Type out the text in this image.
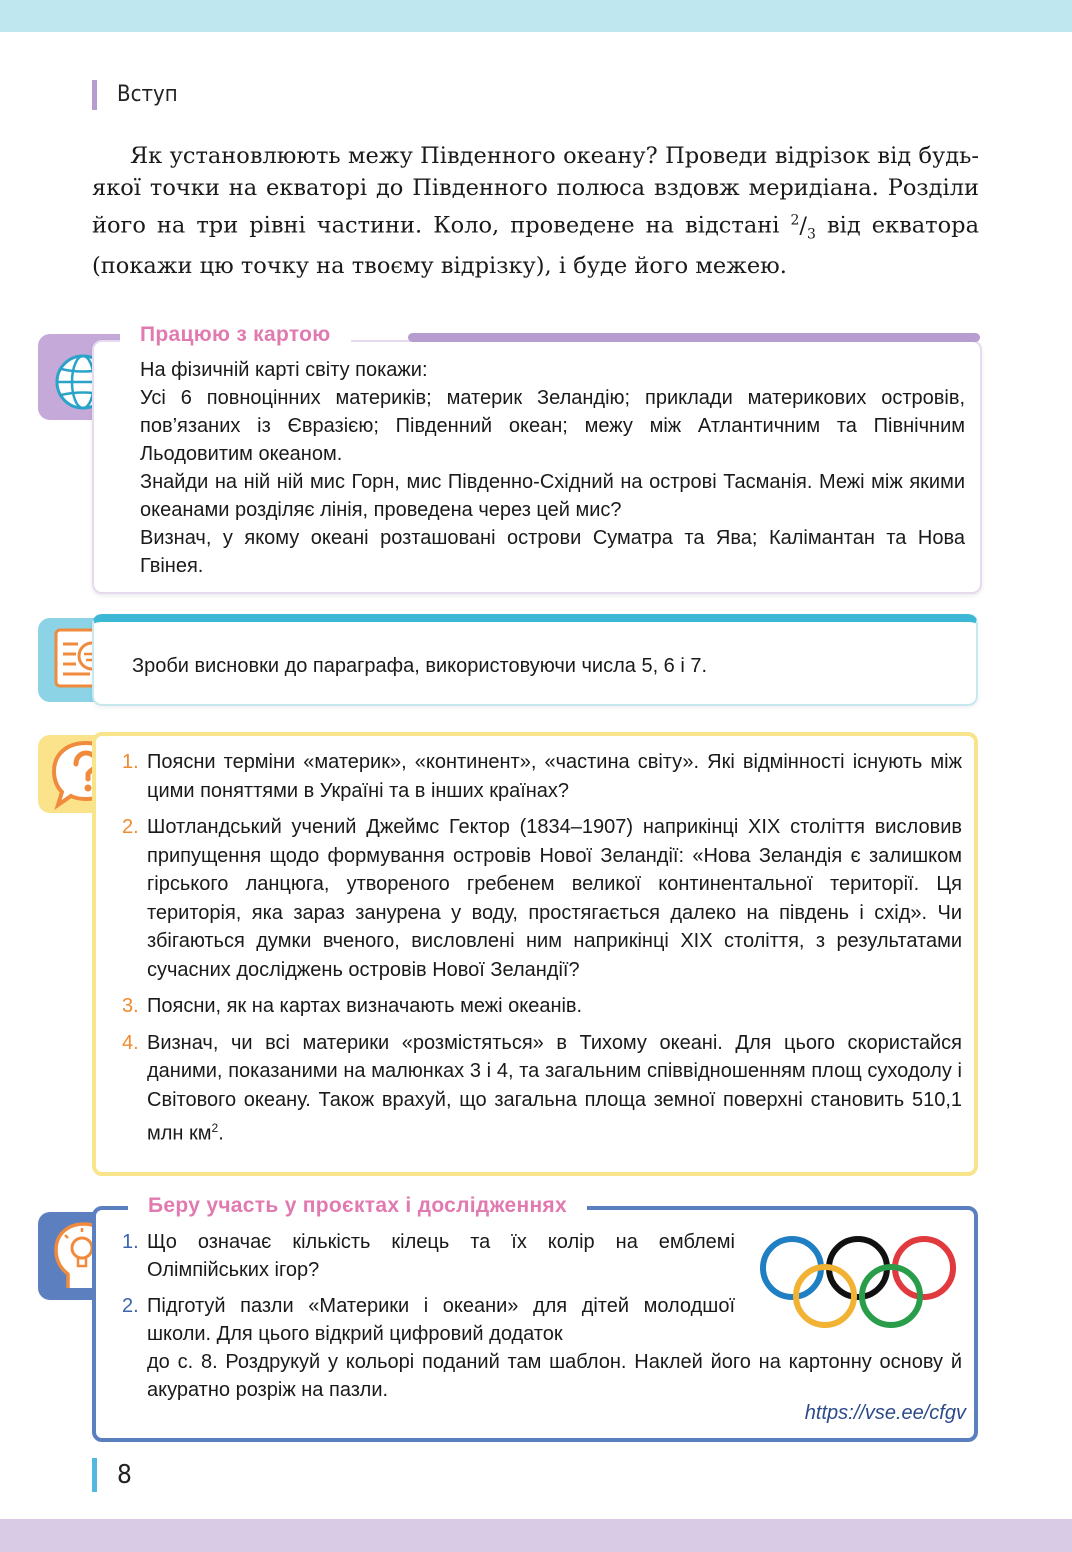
Вступ

Як установлюють межу Південного океану? Проведи відрізок від будь-якої точки на екваторі до Південного полюса вздовж меридіана. Розділи його на три рівні частини. Коло, проведене на відстані $^2/_3$ від екватора (покажи цю точку на твоєму відрізку), і буде його межею.

Працюю з картою

На фізичній карті світу покажи:

Усі 6 повноцінних материків; материк Зеландію; приклади материкових островів, пов’язаних із Євразією; Південний океан; межу між Атлантичним та Північним Льодовитим океаном.

Знайди на ній ній мис Горн, мис Південно-Східний на острові Тасманія. Межі між якими океанами розділяє лінія, проведена через цей мис?

Визнач, у якому океані розташовані острови Суматра та Ява; Калімантан та Нова Гвінея.

Зроби висновки до параграфа, використовуючи числа 5, 6 і 7.
1. Поясни терміни «материк», «континент», «частина світу». Які відмінності існують між цими поняттями в Україні та в інших країнах?
2. Шотландський учений Джеймс Гектор (1834–1907) наприкінці XIX століття висловив припущення щодо формування островів Нової Зеландії: «Нова Зеландія є залишком гірського ланцюга, утвореного гребенем великої континентальної території. Ця територія, яка зараз занурена у воду, простягається далеко на південь і схід». Чи збігаються думки вченого, висловлені ним наприкінці XIX століття, з результатами сучасних досліджень островів Нової Зеландії?
3. Поясни, як на картах визначають межі океанів.
4. Визнач, чи всі материки «розмістяться» в Тихому океані. Для цього скористайся даними, показаними на малюнках 3 і 4, та загальним співвідношенням площ суходолу і Світового океану. Також врахуй, що загальна площа земної поверхні становить 510,1 млн $км^2$.
Беру участь у проєктах і дослідженнях
1. Що означає кількість кілець та їх колір на емблемі Олімпійських ігор?
2. Підготуй пазли «Материки і океани» для дітей молодшої школи. Для цього відкрий цифровий додаток
до с. 8. Роздрукуй у кольорі поданий там шаблон. Наклей його на картонну основу й акуратно розріж на пазли.
https://vse.ee/cfgv
8
